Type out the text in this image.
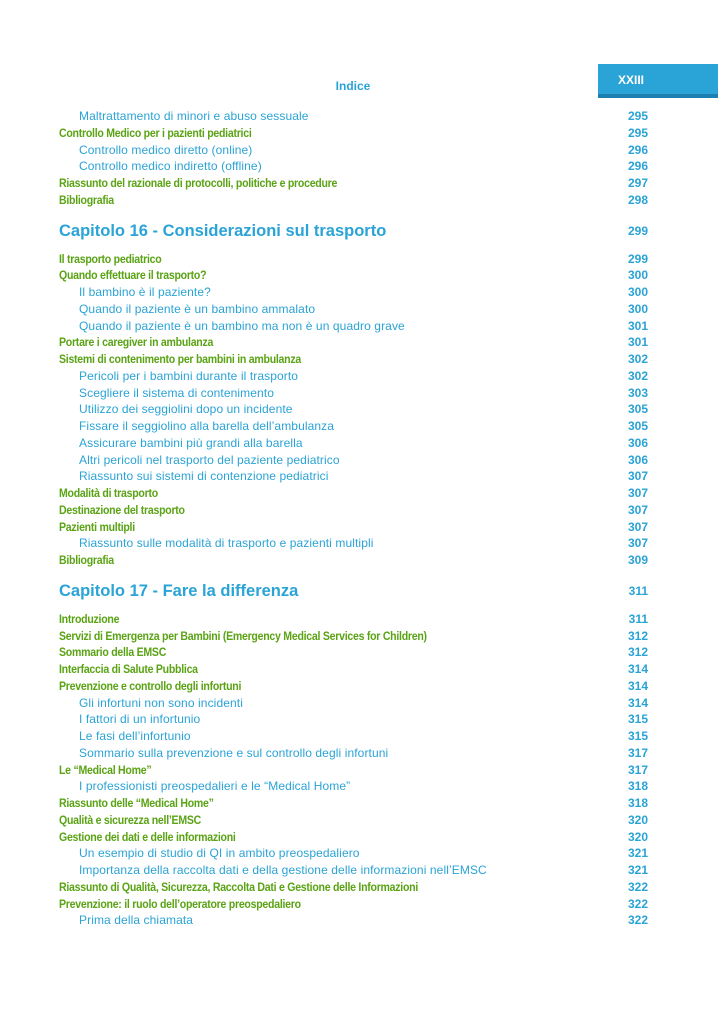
Indice	XXIII
Maltrattamento di minori e abuso sessuale	295
Controllo Medico per i pazienti pediatrici	295
Controllo medico diretto (online)	296
Controllo medico indiretto (offline)	296
Riassunto del razionale di protocolli, politiche e procedure	297
Bibliografia	298
Capitolo 16 - Considerazioni sul trasporto	299
Il trasporto pediatrico	299
Quando effettuare il trasporto?	300
Il bambino è il paziente?	300
Quando il paziente è un bambino ammalato	300
Quando il paziente è un bambino ma non è un quadro grave	301
Portare i caregiver in ambulanza	301
Sistemi di contenimento per bambini in ambulanza	302
Pericoli per i bambini durante il trasporto	302
Scegliere il sistema di contenimento	303
Utilizzo dei seggiolini dopo un incidente	305
Fissare il seggiolino alla barella dell’ambulanza	305
Assicurare bambini più grandi alla barella	306
Altri pericoli nel trasporto del paziente pediatrico	306
Riassunto sui sistemi di contenzione pediatrici	307
Modalità di trasporto	307
Destinazione del trasporto	307
Pazienti multipli	307
Riassunto sulle modalità di trasporto e pazienti multipli	307
Bibliografia	309
Capitolo 17 - Fare la differenza	311
Introduzione	311
Servizi di Emergenza per Bambini (Emergency Medical Services for Children)	312
Sommario della EMSC	312
Interfaccia di Salute Pubblica	314
Prevenzione e controllo degli infortuni	314
Gli infortuni non sono incidenti	314
I fattori di un infortunio	315
Le fasi dell’infortunio	315
Sommario sulla prevenzione e sul controllo degli infortuni	317
Le “Medical Home”	317
I professionisti preospedalieri e le “Medical Home”	318
Riassunto delle “Medical Home”	318
Qualità e sicurezza nell’EMSC	320
Gestione dei dati e delle informazioni	320
Un esempio di studio di QI in ambito preospedaliero	321
Importanza della raccolta dati e della gestione delle informazioni nell’EMSC	321
Riassunto di Qualità, Sicurezza, Raccolta Dati e Gestione delle Informazioni	322
Prevenzione: il ruolo dell’operatore preospedaliero	322
Prima della chiamata	322
